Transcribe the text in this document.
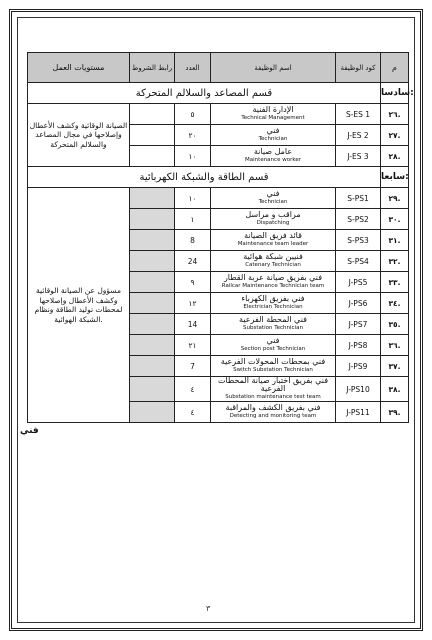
مستويات العمل	رابط الشروط	العدد	اسم الوظيفة	كود الوظيفة	م
قسم المصاعد والسلالم المتحركة					سادسا:
الصيانة الوقائية وكشف الأعطال وإصلاحها في مجال المصاعد والسلالم المتحركة		٥	الإدارة الفنية
Technical Management	S-ES 1	٢٦.
		٢٠	فني
Technician	J-ES 2	٢٧.
		١٠	عامل صيانة
Maintenance worker	J-ES 3	٢٨.
قسم الطاقة والشبكة الكهربائية					سابعا:
مسؤول عن الصيانة الوقائية وكشف الأعطال وإصلاحها لمحطات توليد الطاقة ونظام الشبكة الهوائية.		١٠	فني
Technician	S-PS1	٢٩.
		١	مراقب و مراسل
Dispatching	S-PS2	٣٠.
		8	قائد فريق الصيانة
Maintenance team leader	S-PS3	٣١.
		24	فنيين شبكة هوائية
Catenary Technician	S-PS4	٣٢.
		٩	فني بفريق صيانة عربة القطار
Railcar Maintenance Technician team	J-PS5	٣٣.
		١٢	فني بفريق الكهرباء
Electrician Technician	J-PS6	٣٤.
		14	فني المحطة الفرعية
Substation Technician	J-PS7	٣٥.
		٢١	فني
Section post Technician	J-PS8	٣٦.
		7	فني بمحطات المحولات الفرعية
Switch Substation Technician	J-PS9	٣٧.
		٤	فني بفريق اختبار صيانة المحطات الفرعية
Substation maintenance test team	J-PS10	٣٨.
		٤	فني بفريق الكشف والمراقبة
Detecting and monitoring team	J-PS11	٣٩.
فني
٣
